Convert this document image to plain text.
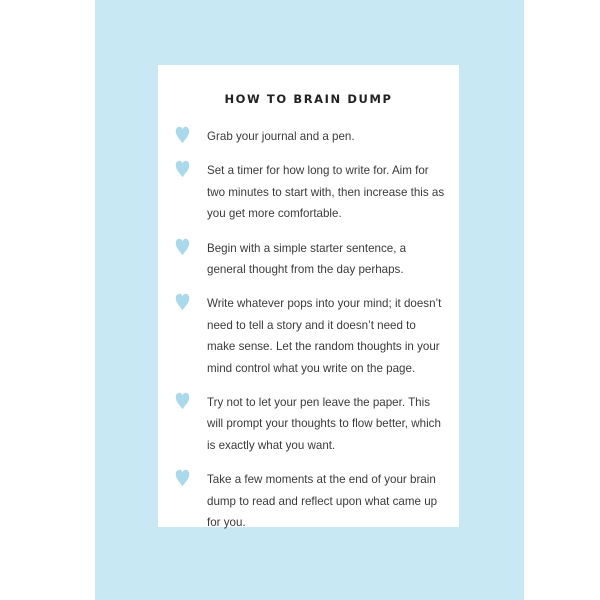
HOW TO BRAIN DUMP
Grab your journal and a pen.
Set a timer for how long to write for. Aim for two minutes to start with, then increase this as you get more comfortable.
Begin with a simple starter sentence, a general thought from the day perhaps.
Write whatever pops into your mind; it doesn’t need to tell a story and it doesn’t need to make sense. Let the random thoughts in your mind control what you write on the page.
Try not to let your pen leave the paper. This will prompt your thoughts to flow better, which is exactly what you want.
Take a few moments at the end of your brain dump to read and reflect upon what came up for you.
